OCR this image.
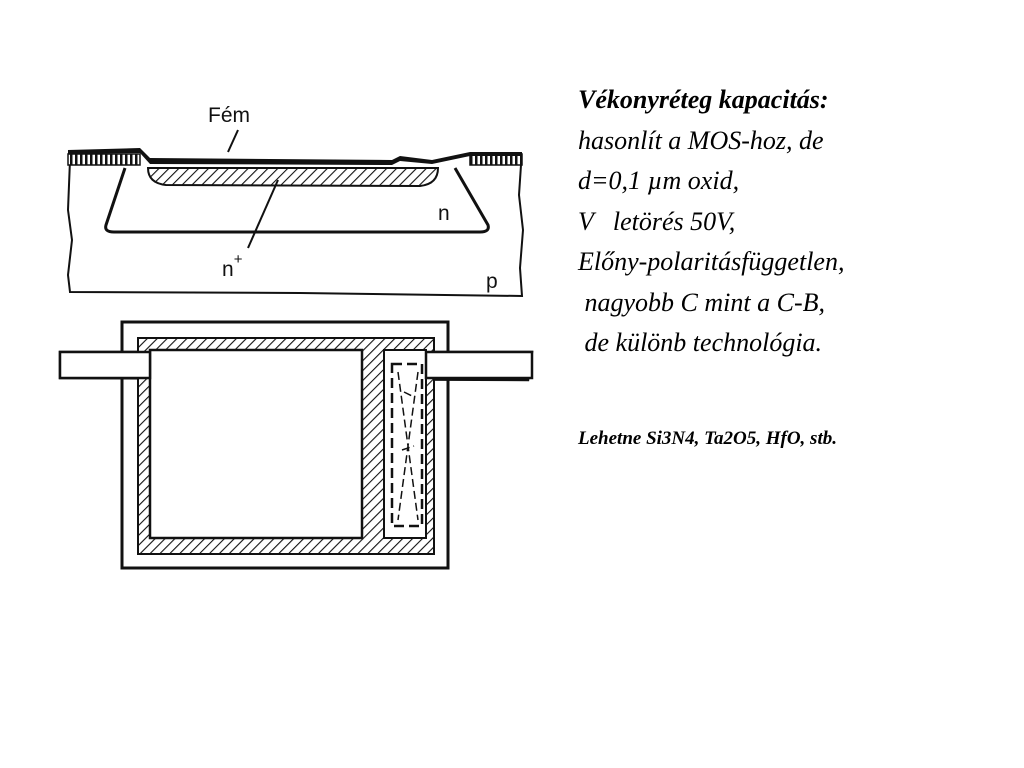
Fém
n
n+
p
Vékonyréteg kapacitás:
hasonlít a MOS-hoz, de
d=0,1 µm oxid,
V   letörés 50V,
Előny-polaritásfüggetlen,
nagyobb C mint a C-B,
de különb technológia.
Lehetne Si3N4, Ta2O5, HfO, stb.
